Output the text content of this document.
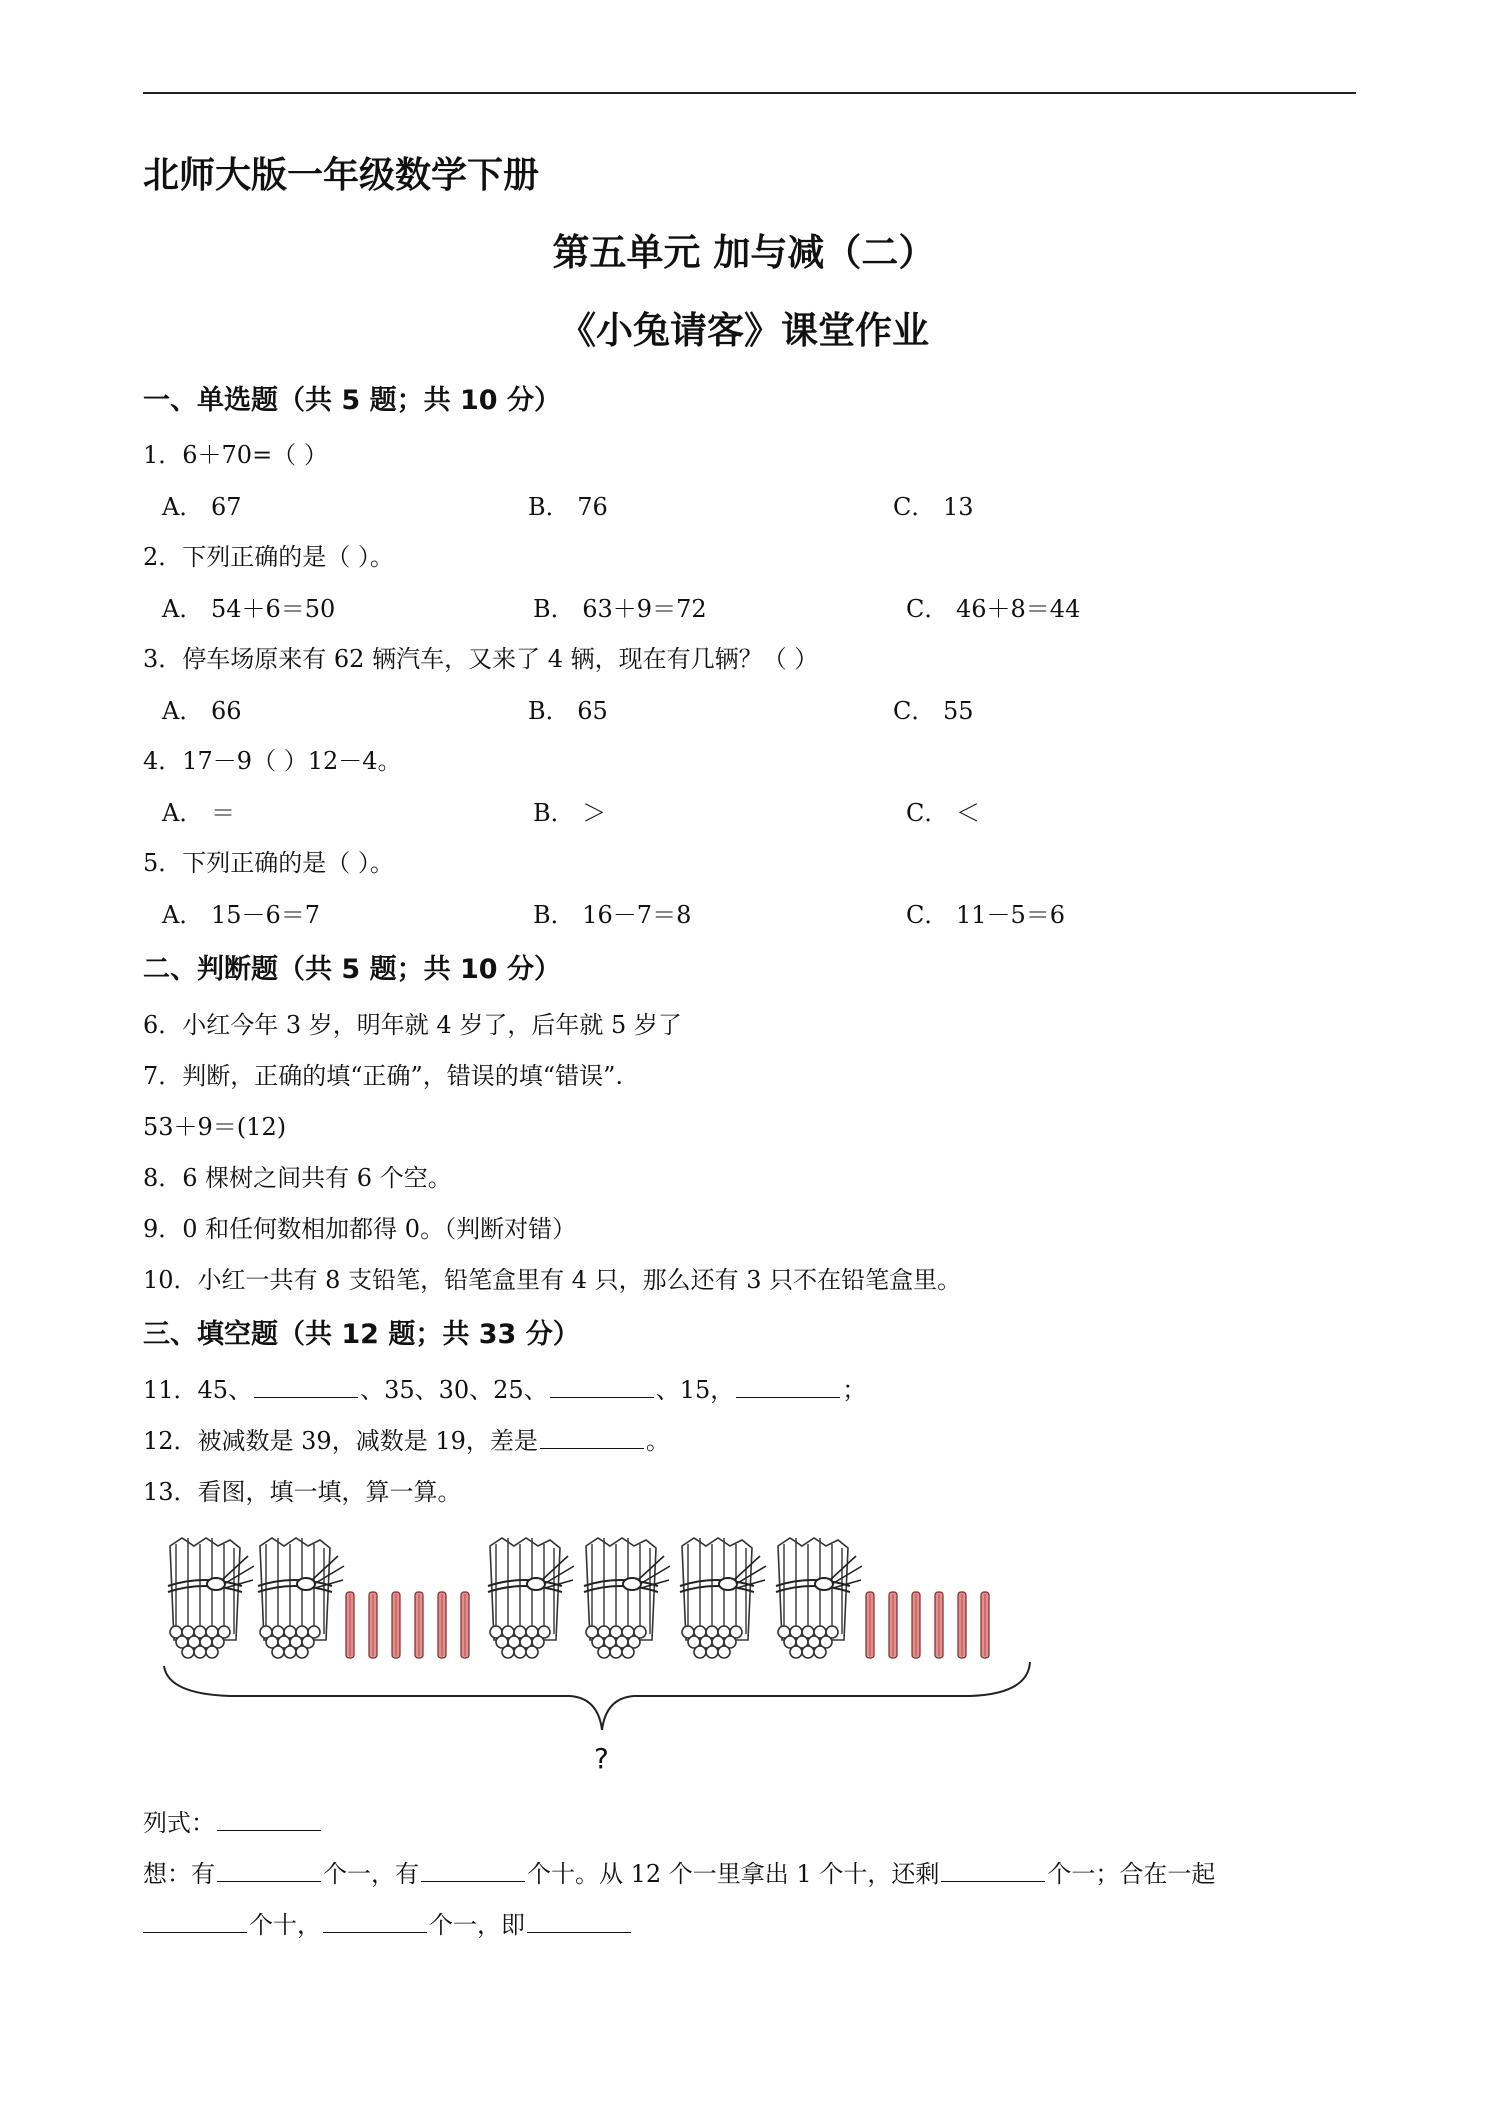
北师大版一年级数学下册
第五单元 加与减（二）
《小兔请客》课堂作业
一、单选题（共 5 题；共 10 分）
1．6＋70=（ ）
A． 67	B． 76	C． 13
2．下列正确的是（ ）。
A． 54＋6＝50	B． 63＋9＝72	C． 46＋8＝44
3．停车场原来有 62 辆汽车，又来了 4 辆，现在有几辆？（ ）
A． 66	B． 65	C． 55
4．17－9（ ）12－4。
A． ＝	B． ＞	C． ＜
5．下列正确的是（ ）。
A． 15－6＝7	B． 16－7＝8	C． 11－5＝6
二、判断题（共 5 题；共 10 分）
6．小红今年 3 岁，明年就 4 岁了，后年就 5 岁了
7．判断，正确的填“正确”，错误的填“错误”.
53＋9＝(12)
8．6 棵树之间共有 6 个空。
9．0 和任何数相加都得 0。（判断对错）
10．小红一共有 8 支铅笔，铅笔盒里有 4 只，那么还有 3 只不在铅笔盒里。
三、填空题（共 12 题；共 33 分）
11．45、	、35、30、25、	、15，	；
12．被减数是 39，减数是 19，差是	。
13．看图，填一填，算一算。
?
列式：
想：有	个一，有	个十。从 12 个一里拿出 1 个十，还剩	个一；合在一起
个十，	个一，即
